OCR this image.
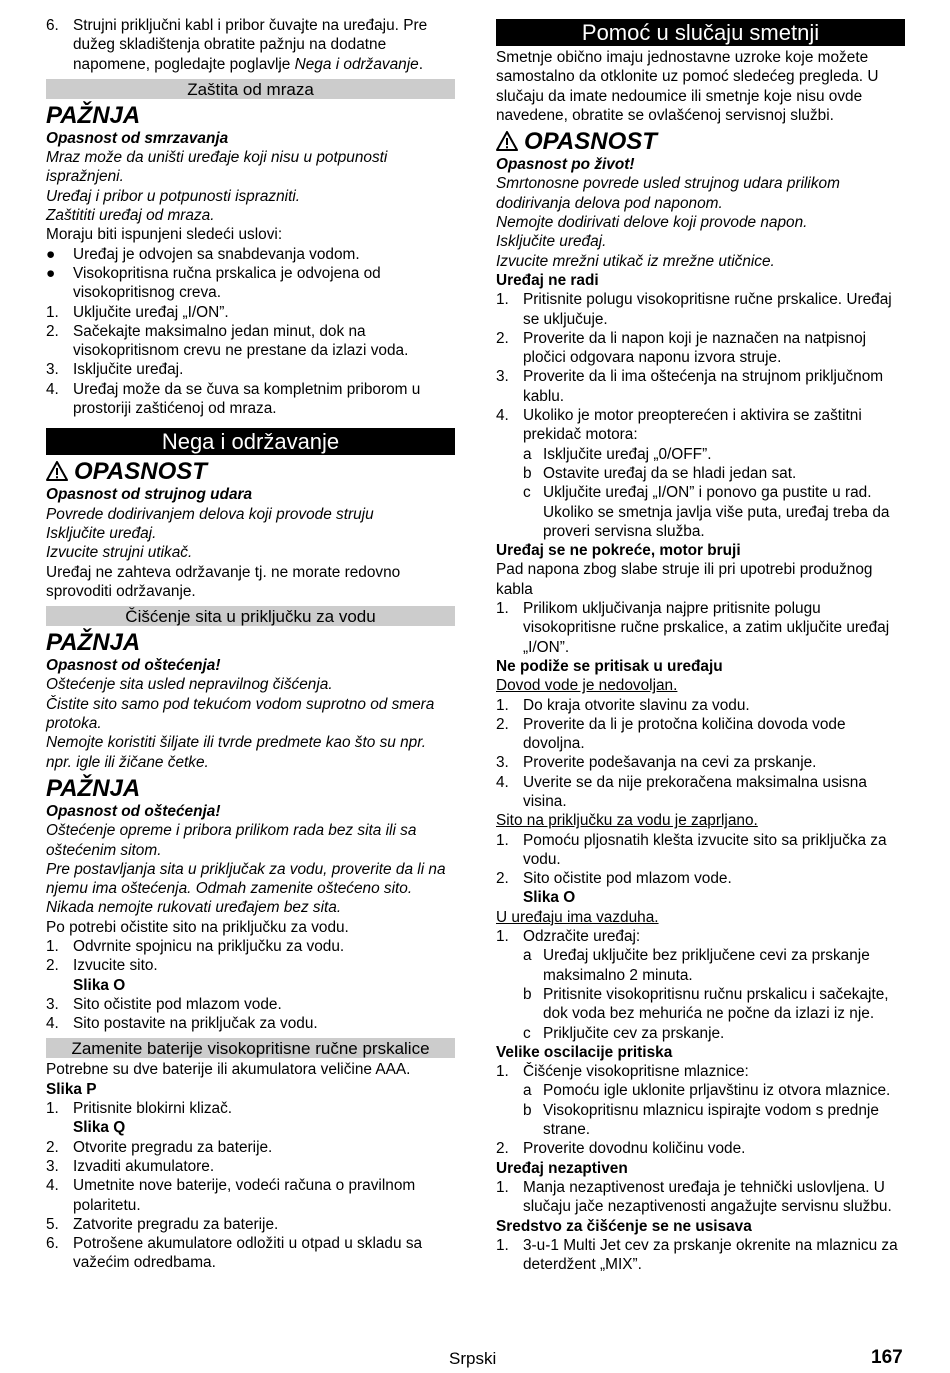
6. Strujni priključni kabl i pribor čuvajte na uređaju. Pre dužeg skladištenja obratite pažnju na dodatne napomene, pogledajte poglavlje Nega i održavanje.
Zaštita od mraza

PAŽNJA

Opasnost od smrzavanja

Mraz može da uništi uređaje koji nisu u potpunosti ispražnjeni.

Uređaj i pribor u potpunosti isprazniti.

Zaštititi uređaj od mraza.

Moraju biti ispunjeni sledeći uslovi:

●	Uređaj je odvojen sa snabdevanja vodom.
●	Visokopritisna ručna prskalica je odvojena od visokopritisnog creva.
1. Uključite uređaj „I/ON”.
2. Sačekajte maksimalno jedan minut, dok na visokopritisnom crevu ne prestane da izlazi voda.
3. Isključite uređaj.
4. Uređaj može da se čuva sa kompletnim priborom u prostoriji zaštićenoj od mraza.
Nega i održavanje

OPASNOST

Opasnost od strujnog udara

Povrede dodirivanjem delova koji provode struju

Isključite uređaj.

Izvucite strujni utikač.

Uređaj ne zahteva održavanje tj. ne morate redovno sprovoditi održavanje.

Čišćenje sita u priključku za vodu

PAŽNJA

Opasnost od oštećenja!

Oštećenje sita usled nepravilnog čišćenja.

Čistite sito samo pod tekućom vodom suprotno od smera protoka.

Nemojte koristiti šiljate ili tvrde predmete kao što su npr. npr. igle ili žičane četke.

PAŽNJA

Opasnost od oštećenja!

Oštećenje opreme i pribora prilikom rada bez sita ili sa oštećenim sitom.

Pre postavljanja sita u priključak za vodu, proverite da li na njemu ima oštećenja. Odmah zamenite oštećeno sito.

Nikada nemojte rukovati uređajem bez sita.

Po potrebi očistite sito na priključku za vodu.

1. Odvrnite spojnicu na priključku za vodu.
2. Izvucite sito.

Slika O

3. Sito očistite pod mlazom vode.
4. Sito postavite na priključak za vodu.
Zamenite baterije visokopritisne ručne prskalice

Potrebne su dve baterije ili akumulatora veličine AAA.

Slika P

1. Pritisnite blokirni klizač.

Slika Q

2. Otvorite pregradu za baterije.
3. Izvaditi akumulatore.
4. Umetnite nove baterije, vodeći računa o pravilnom polaritetu.
5. Zatvorite pregradu za baterije.
6. Potrošene akumulatore odložiti u otpad u skladu sa važećim odredbama.
Pomoć u slučaju smetnji

Smetnje obično imaju jednostavne uzroke koje možete samostalno da otklonite uz pomoć sledećeg pregleda. U slučaju da imate nedoumice ili smetnje koje nisu ovde navedene, obratite se ovlašćenoj servisnoj službi.

OPASNOST

Opasnost po život!

Smrtonosne povrede usled strujnog udara prilikom dodirivanja delova pod naponom.

Nemojte dodirivati delove koji provode napon.

Isključite uređaj.

Izvucite mrežni utikač iz mrežne utičnice.

Uređaj ne radi

1. Pritisnite polugu visokopritisne ručne prskalice. Uređaj se uključuje.
2. Proverite da li napon koji je naznačen na natpisnoj pločici odgovara naponu izvora struje.
3. Proverite da li ima oštećenja na strujnom priključnom kablu.
4. Ukoliko je motor preopterećen i aktivira se zaštitni prekidač motora:
a Isključite uređaj „0/OFF”.
b Ostavite uređaj da se hladi jedan sat.
c Uključite uređaj „I/ON” i ponovo ga pustite u rad. Ukoliko se smetnja javlja više puta, uređaj treba da proveri servisna služba.

Uređaj se ne pokreće, motor bruji

Pad napona zbog slabe struje ili pri upotrebi produžnog kabla

1. Prilikom uključivanja najpre pritisnite polugu visokopritisne ručne prskalice, a zatim uključite uređaj „I/ON”.

Ne podiže se pritisak u uređaju

Dovod vode je nedovoljan.

1. Do kraja otvorite slavinu za vodu.
2. Proverite da li je protočna količina dovoda vode dovoljna.
3. Proverite podešavanja na cevi za prskanje.
4. Uverite se da nije prekoračena maksimalna usisna visina.

Sito na priključku za vodu je zaprljano.

1. Pomoću pljosnatih klešta izvucite sito sa priključka za vodu.
2. Sito očistite pod mlazom vode.

Slika O

U uređaju ima vazduha.

1. Odzračite uređaj:
a Uređaj uključite bez priključene cevi za prskanje maksimalno 2 minuta.
b Pritisnite visokopritisnu ručnu prskalicu i sačekajte, dok voda bez mehurića ne počne da izlazi iz nje.
c Priključite cev za prskanje.

Velike oscilacije pritiska

1. Čišćenje visokopritisne mlaznice:
a Pomoću igle uklonite prljavštinu iz otvora mlaznice.
b Visokopritisnu mlaznicu ispirajte vodom s prednje strane.
2. Proverite dovodnu količinu vode.

Uređaj nezaptiven

1. Manja nezaptivenost uređaja je tehnički uslovljena. U slučaju jače nezaptivenosti angažujte servisnu službu.

Sredstvo za čišćenje se ne usisava

1. 3-u-1 Multi Jet cev za prskanje okrenite na mlaznicu za deterdžent „MIX”.
Srpski	167
